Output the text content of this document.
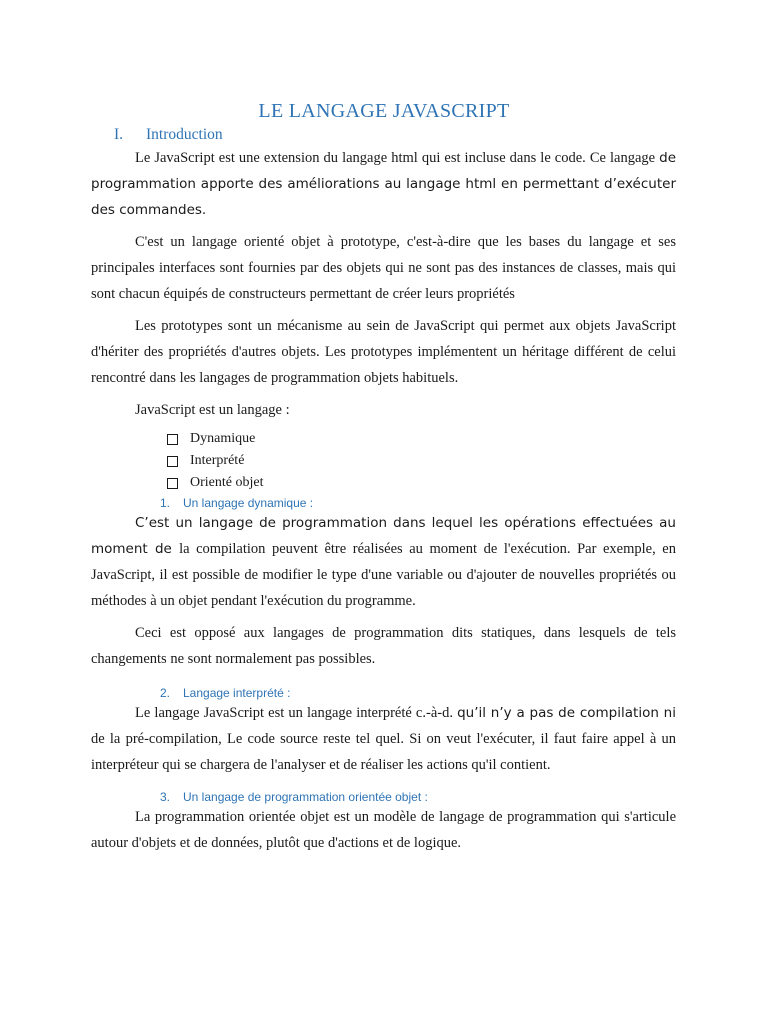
LE LANGAGE JAVASCRIPT
I. Introduction

Le JavaScript est une extension du langage html qui est incluse dans le code. Ce langage de programmation apporte des améliorations au langage html en permettant d’exécuter des commandes.

C'est un langage orienté objet à prototype, c'est-à-dire que les bases du langage et ses principales interfaces sont fournies par des objets qui ne sont pas des instances de classes, mais qui sont chacun équipés de constructeurs permettant de créer leurs propriétés

Les prototypes sont un mécanisme au sein de JavaScript qui permet aux objets JavaScript d'hériter des propriétés d'autres objets. Les prototypes implémentent un héritage différent de celui rencontré dans les langages de programmation objets habituels.

JavaScript est un langage :

Dynamique
Interprété
Orienté objet
1. Un langage dynamique :

C’est un langage de programmation dans lequel les opérations effectuées au moment de la compilation peuvent être réalisées au moment de l'exécution. Par exemple, en JavaScript, il est possible de modifier le type d'une variable ou d'ajouter de nouvelles propriétés ou méthodes à un objet pendant l'exécution du programme.

Ceci est opposé aux langages de programmation dits statiques, dans lesquels de tels changements ne sont normalement pas possibles.

2. Langage interprété :

Le langage JavaScript est un langage interprété c.-à-d. qu’il n’y a pas de compilation ni de la pré-compilation, Le code source reste tel quel. Si on veut l'exécuter, il faut faire appel à un interpréteur qui se chargera de l'analyser et de réaliser les actions qu'il contient.

3. Un langage de programmation orientée objet :

La programmation orientée objet est un modèle de langage de programmation qui s'articule autour d'objets et de données, plutôt que d'actions et de logique.
